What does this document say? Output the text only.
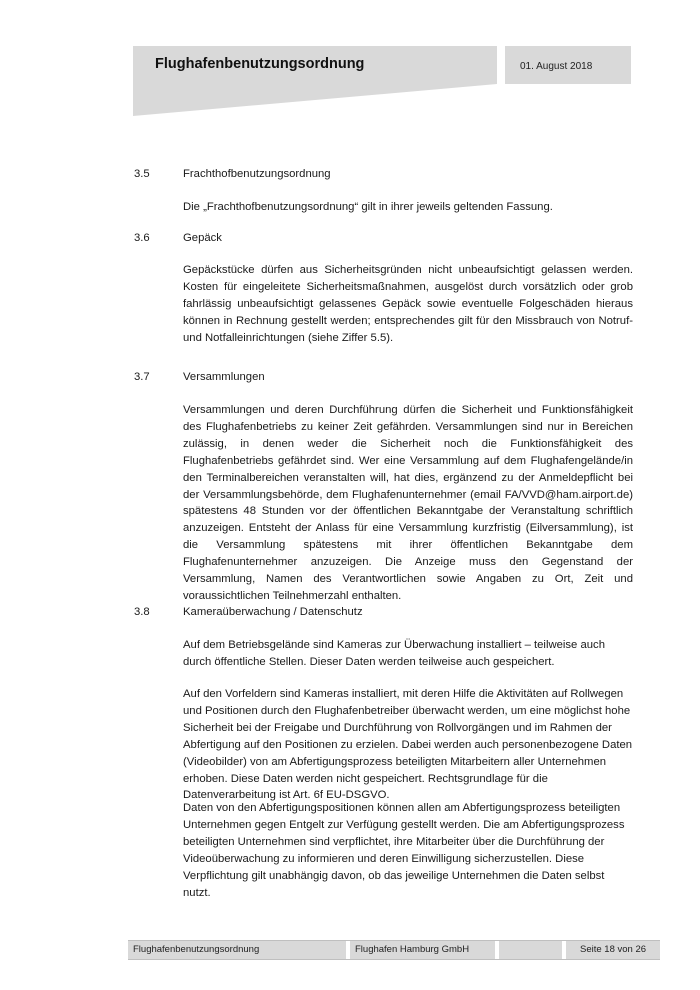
Flughafenbenutzungsordnung	01. August 2018
3.5	Frachthofbenutzungsordnung

Die „Frachthofbenutzungsordnung“ gilt in ihrer jeweils geltenden Fassung.

3.6	Gepäck

Gepäckstücke dürfen aus Sicherheitsgründen nicht unbeaufsichtigt gelassen werden. Kosten für eingeleitete Sicherheitsmaßnahmen, ausgelöst durch vorsätzlich oder grob fahrlässig unbeaufsichtigt gelassenes Gepäck sowie eventuelle Folgeschäden hieraus können in Rechnung gestellt werden; entsprechendes gilt für den Missbrauch von Notruf- und Notfalleinrichtungen (siehe Ziffer 5.5).

3.7	Versammlungen

Versammlungen und deren Durchführung dürfen die Sicherheit und Funktionsfähigkeit des Flughafenbetriebs zu keiner Zeit gefährden. Versammlungen sind nur in Bereichen zulässig, in denen weder die Sicherheit noch die Funktionsfähigkeit des Flughafenbetriebs gefährdet sind. Wer eine Versammlung auf dem Flughafengelände/in den Terminalbereichen veranstalten will, hat dies, ergänzend zu der Anmeldepflicht bei der Versammlungsbehörde, dem Flughafenunternehmer (email FA/VVD@ham.airport.de) spätestens 48 Stunden vor der öffentlichen Bekanntgabe der Veranstaltung schriftlich anzuzeigen. Entsteht der Anlass für eine Versammlung kurzfristig (Eilversammlung), ist die Versammlung spätestens mit ihrer öffentlichen Bekanntgabe dem Flughafenunternehmer anzuzeigen. Die Anzeige muss den Gegenstand der Versammlung, Namen des Verantwortlichen sowie Angaben zu Ort, Zeit und voraussichtlichen Teilnehmerzahl enthalten.

3.8	Kameraüberwachung / Datenschutz

Auf dem Betriebsgelände sind Kameras zur Überwachung installiert – teilweise auch durch öffentliche Stellen. Dieser Daten werden teilweise auch gespeichert.

Auf den Vorfeldern sind Kameras installiert, mit deren Hilfe die Aktivitäten auf Rollwegen und Positionen durch den Flughafenbetreiber überwacht werden, um eine möglichst hohe Sicherheit bei der Freigabe und Durchführung von Rollvorgängen und im Rahmen der Abfertigung auf den Positionen zu erzielen. Dabei werden auch personenbezogene Daten (Videobilder) von am Abfertigungsprozess beteiligten Mitarbeitern aller Unternehmen erhoben. Diese Daten werden nicht gespeichert. Rechtsgrundlage für die Datenverarbeitung ist Art. 6f EU-DSGVO.

Daten von den Abfertigungspositionen können allen am Abfertigungsprozess beteiligten Unternehmen gegen Entgelt zur Verfügung gestellt werden. Die am Abfertigungsprozess beteiligten Unternehmen sind verpflichtet, ihre Mitarbeiter über die Durchführung der Videoüberwachung zu informieren und deren Einwilligung sicherzustellen. Diese Verpflichtung gilt unabhängig davon, ob das jeweilige Unternehmen die Daten selbst nutzt.

Flughafenbenutzungsordnung	Flughafen Hamburg GmbH	Seite 18 von 26
